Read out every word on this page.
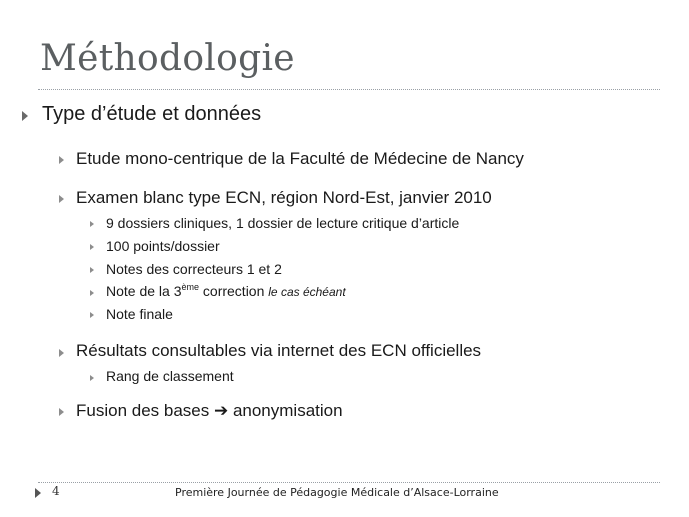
Méthodologie
Type d’étude et données
Etude mono-centrique de la Faculté de Médecine de Nancy
Examen blanc type ECN, région Nord-Est, janvier 2010
9 dossiers cliniques, 1 dossier de lecture critique d’article
100 points/dossier
Notes des correcteurs 1 et 2
Note de la 3ème correction le cas échéant
Note finale
Résultats consultables via internet des ECN officielles
Rang de classement
Fusion des bases ➔ anonymisation
4	Première Journée de Pédagogie Médicale d’Alsace-Lorraine
